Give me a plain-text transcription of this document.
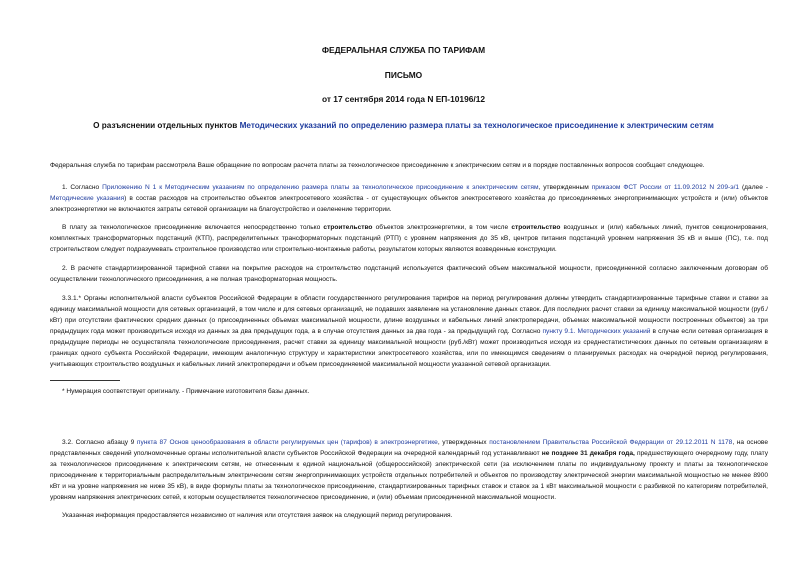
ФЕДЕРАЛЬНАЯ СЛУЖБА ПО ТАРИФАМ
ПИСЬМО
от 17 сентября 2014 года N ЕП-10196/12
О разъяснении отдельных пунктов Методических указаний по определению размера платы за технологическое присоединение к электрическим сетям
Федеральная служба по тарифам рассмотрела Ваше обращение по вопросам расчета платы за технологическое присоединение к электрическим сетям и в порядке поставленных вопросов сообщает следующее.
1. Согласно Приложению N 1 к Методическим указаниям по определению размера платы за технологическое присоединение к электрическим сетям, утвержденным приказом ФСТ России от 11.09.2012 N 209-э/1 (далее - Методические указания) в состав расходов на строительство объектов электросетевого хозяйства - от существующих объектов электросетевого хозяйства до присоединяемых энергопринимающих устройств и (или) объектов электроэнергетики не включаются затраты сетевой организации на благоустройство и озеленение территории.
В плату за технологическое присоединение включается непосредственно только строительство объектов электроэнергетики, в том числе строительство воздушных и (или) кабельных линий, пунктов секционирования, комплектных трансформаторных подстанций (КТП), распределительных трансформаторных подстанций (РТП) с уровнем напряжения до 35 кВ, центров питания подстанций уровнем напряжения 35 кВ и выше (ПС), т.е. под строительством следует подразумевать строительное производство или строительно-монтажные работы, результатом которых являются возведенные конструкции.
2. В расчете стандартизированной тарифной ставки на покрытие расходов на строительство подстанций используется фактический объем максимальной мощности, присоединенной согласно заключенным договорам об осуществлении технологического присоединения, а не полная трансформаторная мощность.
3.3.1.* Органы исполнительной власти субъектов Российской Федерации в области государственного регулирования тарифов на период регулирования должны утвердить стандартизированные тарифные ставки и ставки за единицу максимальной мощности для сетевых организаций, в том числе и для сетевых организаций, не подавших заявление на установление данных ставок. Для последних расчет ставки за единицу максимальной мощности (руб./кВт) при отсутствии фактических средних данных (о присоединенных объемах максимальной мощности, длине воздушных и кабельных линий электропередачи, объемах максимальной мощности построенных объектов) за три предыдущих года может производиться исходя из данных за два предыдущих года, а в случае отсутствия данных за два года - за предыдущий год. Согласно пункту 9.1. Методических указаний в случае если сетевая организация в предыдущие периоды не осуществляла технологические присоединения, расчет ставки за единицу максимальной мощности (руб./кВт) может производиться исходя из среднестатистических данных по сетевым организациям в границах одного субъекта Российской Федерации, имеющим аналогичную структуру и характеристики электросетевого хозяйства, или по имеющимся сведениям о планируемых расходах на очередной период регулирования, учитывающих строительство воздушных и кабельных линий электропередачи и объем присоединяемой максимальной мощности указанной сетевой организации.
* Нумерация соответствует оригиналу. - Примечание изготовителя базы данных.
3.2. Согласно абзацу 9 пункта 87 Основ ценообразования в области регулируемых цен (тарифов) в электроэнергетике, утвержденных постановлением Правительства Российской Федерации от 29.12.2011 N 1178, на основе представленных сведений уполномоченные органы исполнительной власти субъектов Российской Федерации на очередной календарный год устанавливают не позднее 31 декабря года, предшествующего очередному году, плату за технологическое присоединение к электрическим сетям, не отнесенным к единой национальной (общероссийской) электрической сети (за исключением платы по индивидуальному проекту и платы за технологическое присоединение к территориальным распределительным электрическим сетям энергопринимающих устройств отдельных потребителей и объектов по производству электрической энергии максимальной мощностью не менее 8900 кВт и на уровне напряжения не ниже 35 кВ), в виде формулы платы за технологическое присоединение, стандартизированных тарифных ставок и ставок за 1 кВт максимальной мощности с разбивкой по категориям потребителей, уровням напряжения электрических сетей, к которым осуществляется технологическое присоединение, и (или) объемам присоединенной максимальной мощности.
Указанная информация предоставляется независимо от наличия или отсутствия заявок на следующий период регулирования.
